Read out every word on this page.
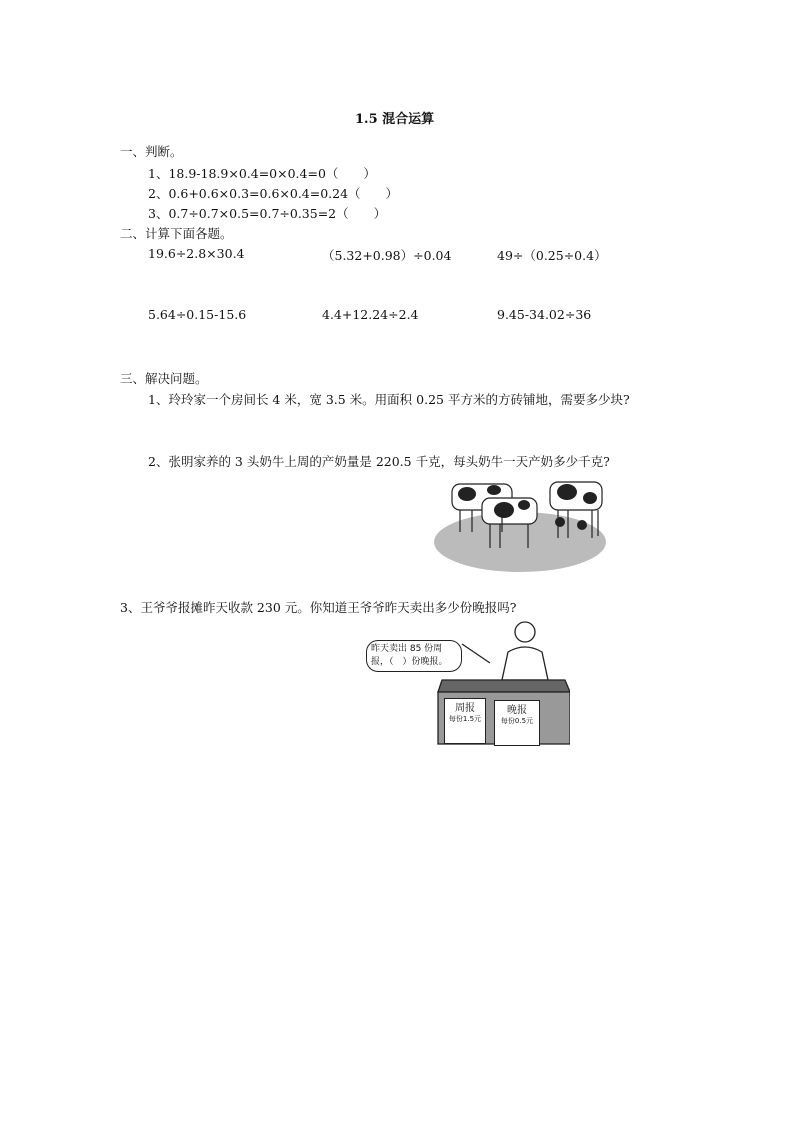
1.5 混合运算
一、判断。
1、18.9-18.9×0.4=0×0.4=0（　　）
2、0.6+0.6×0.3=0.6×0.4=0.24（　　）
3、0.7÷0.7×0.5=0.7÷0.35=2（　　）
二、计算下面各题。
19.6÷2.8×30.4	（5.32+0.98）÷0.04	49÷（0.25÷0.4）
5.64÷0.15-15.6	4.4+12.24÷2.4	9.45-34.02÷36
三、解决问题。
1、玲玲家一个房间长 4 米，宽 3.5 米。用面积 0.25 平方米的方砖铺地，需要多少块?
2、张明家养的 3 头奶牛上周的产奶量是 220.5 千克，每头奶牛一天产奶多少千克?
3、王爷爷报摊昨天收款 230 元。你知道王爷爷昨天卖出多少份晚报吗?
昨天卖出 85 份周报，（　）份晚报。
周报
每份1.5元
晚报
每份0.5元
